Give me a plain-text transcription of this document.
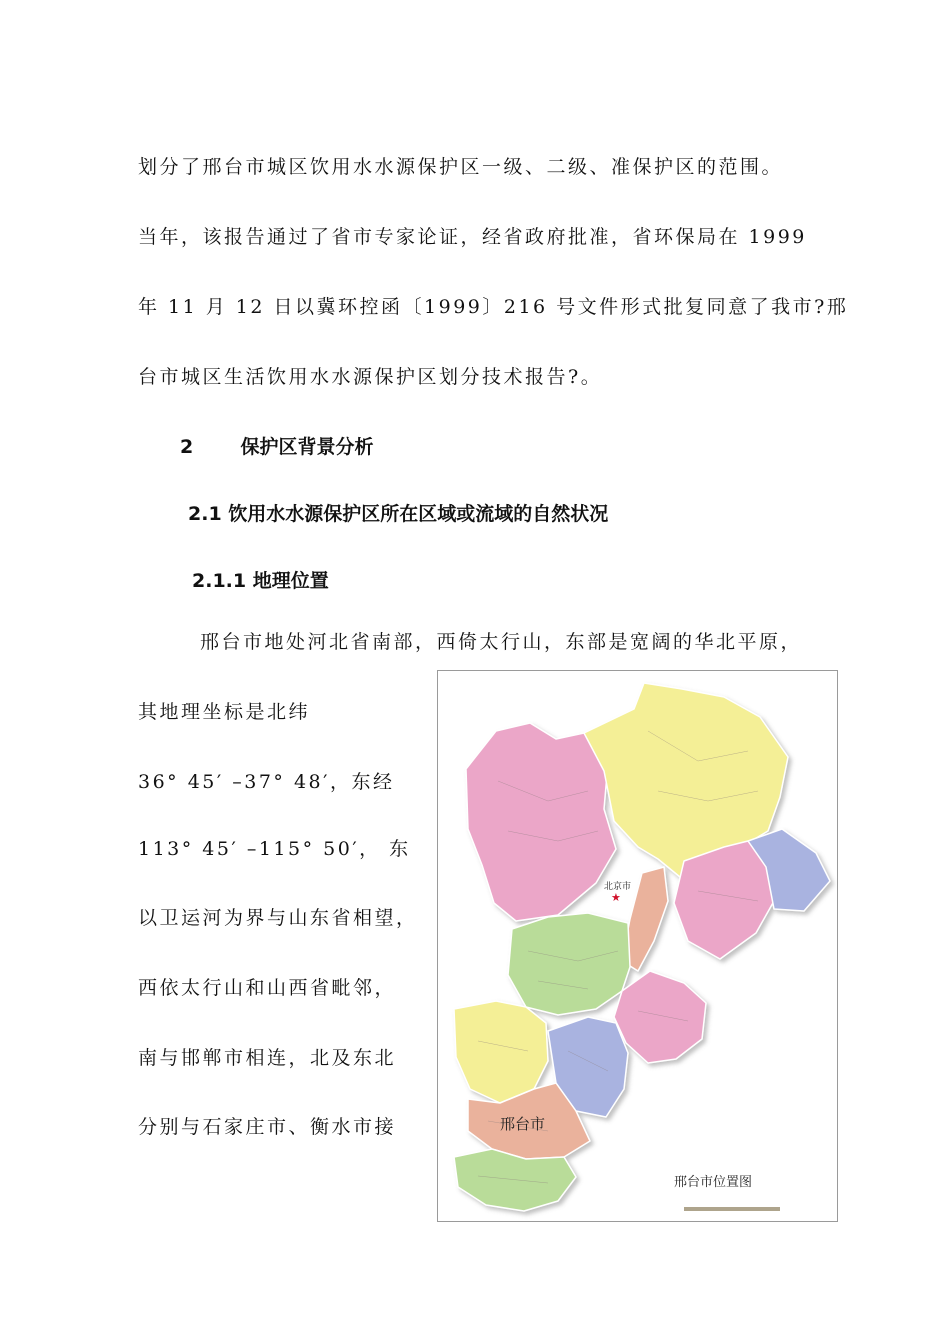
划分了邢台市城区饮用水水源保护区一级、二级、准保护区的范围。
当年，该报告通过了省市专家论证，经省政府批准，省环保局在 1999
年 11 月 12 日以冀环控函〔1999〕216 号文件形式批复同意了我市?邢
台市城区生活饮用水水源保护区划分技术报告?。
2 保护区背景分析
2.1 饮用水水源保护区所在区域或流域的自然状况
2.1.1 地理位置
邢台市地处河北省南部，西倚太行山，东部是宽阔的华北平原，
其地理坐标是北纬
36° 45′ –37° 48′，东经
113° 45′ –115° 50′， 东
以卫运河为界与山东省相望，
西依太行山和山西省毗邻，
南与邯郸市相连，北及东北
分别与石家庄市、衡水市接
北京市
★
邢台市
邢台市位置图
